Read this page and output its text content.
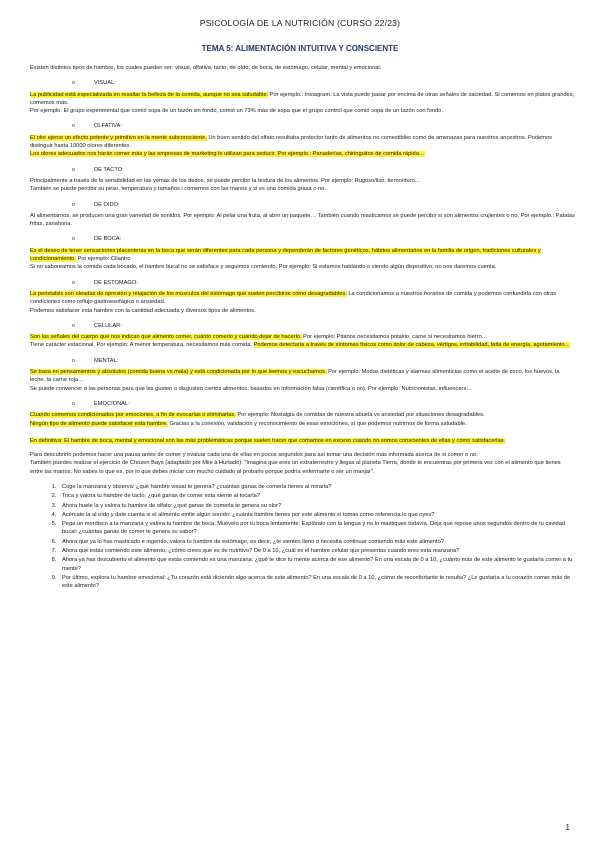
PSICOLOGÍA DE LA NUTRICIÓN (CURSO 22/23)
TEMA 5: ALIMENTACIÓN INTUITIVA Y CONSCIENTE

Existen distintos tipos de hambre, los cuales pueden ser: visual, olfativa, tacto, de oído, de boca, de estómago, celular, mental y emocional.

o	VISUAL:

La publicidad está especializada en resaltar la belleza de la comida, aunque no sea saludable. Por ejemplo.: Instagram. La vista puede pasar por encima de otras señales de saciedad. Si comemos en platos grandes, comemos más.

Por ejemplo: El grupo experimental que comió sopa de un tazón sin fondo, comió un 73% más de sopa que el grupo control que comió sopa de un tazón con fondo.

o	OLFATIVA:

El olor ejerce un efecto potente y primitivo en la mente subconsciente. Un buen sentido del olfato resultaba protector tanto de alimentos no comestibles como de amenazas para nuestros ancestros. Podemos distinguir hasta 10000 olores diferentes.

Los olores adecuados nos harán comer más y las empresas de marketing lo utilizan para seducir. Por ejemplo.: Panaderías, chiringuitos de comida rápida…

o	DE TACTO:

Principalmente a través de la sensibilidad en las yemas de los dedos, se puede percibir la textura de los alimentos. Por ejemplo: Rugoso/liso, tierno/duro…

También se puede percibir su peso, temperatura y tamaños i comemos con las manos y si es una comida grasa o no.

o	DE OIDO:

Al alimentarnos, se producen una gran variedad de sonidos. Por ejemplo: Al pelar una fruta, al abrir un paquete… También cuando masticamos se puede percibir si son alimentos crujientes o no. Por ejemplo.: Patatas fritas, zanahoria.

o	DE BOCA:

Es el deseo de tener sensaciones placenteras en la boca que serán diferentes para cada persona y dependerán de factores genéticos, hábitos alimentarios en la familia de origen, tradiciones culturales y condicionamiento. Por ejemplo: Cilantro

Si no saboreamos la comida cada bocado, el hambre bucal no se satisface y seguimos comiendo. Por ejemplo: Si estamos hablando o viendo algún dispositivo, no nos daremos cuenta.

o	DE ESTOMAGO:

La peristalsis son oleadas de opresión y relajación de los músculos del estómago que suelen percibirse como desagradables. La condicionamos a nuestros horarios de comida y podemos confundirla con otras condiciones como reflujo gastroesofágico o ansiedad.

Podemos satisfacer esta hambre con la cantidad adecuada y diversos tipos de alimentos.

o	CELULAR:

Son las señales del cuerpo que nos indican qué alimento comer, cuánto comerlo y cuándo dejar de hacerlo. Por ejemplo: Pitanos necesitamos potasio, carne si necesitamos hierro…

Tiene carácter estacional. Por ejemplo: A menor temperatura, necesitamos más comida. Podemos detectarla a través de síntomas físicos como dolor de cabeza, vértigos, irritabilidad, falta de energía, agotamiento…

o	MENTAL:

Se basa en pensamientos y absolutos (comida buena vs mala) y está condicionada por lo que leemos y escuchamos. Por ejemplo: Modas dietéticas y alarmas alimenticias como el aceite de coco, los huevos, la leche, la carne roja…

Se puede convencer a las personas para que les gusten o disgusten ciertos alimentos, basados en información falsa (científica o no). Por ejemplo: Nutricionistas, influencers…

o	EMOCIONAL:

Cuando comemos condicionados por emociones, a fin de evocarlas o eliminarlas. Por ejemplo: Nostalgia de comidas de nuestra abuela vs ansiedad por situaciones desagradables.

Ningún tipo de alimento puede satisfacer esta hambre. Gracias a la conexión, validación y reconocimiento de esas emociones, sí que podemos nutrirnos de forma saludable.

En definitiva: El hambre de boca, mental y emocional son las más problemáticas porque suelen hacer que comamos en exceso cuando no somos conscientes de ellas y cómo satisfacerlas.

Para descubrirlo podemos hacer una pausa antes de comer y evaluar cada una de ellas en pocos segundos para así tomar una decisión más informada acerca de si comer o no.

También puedes realizar el ejercicio de Chozen Bays (adaptado por Miie à Hurtado): "Imagina que eres un extraterrestre y llegas al planeta Tierra, donde te encuentras por primera vez con el alimento que tienes entre las manos. No sabes lo que es, por lo que debes iniciar con mucho cuidado al probarlo porque podría enfermarte o ser un manjar".

1. Coge la manzana y observa: ¿qué hambre visual te genera? ¿cuántas ganas de comerla tienes al mirarla?
2. Toca y valora tu hambre de tacto: ¿qué ganas de comer esta siente al tocarla?
3. Ahora huele la y valora tu hambre de olfato: ¿qué ganas de comerla te genera su olor?
4. Acércate la al oído y date cuenta si el alimento emite algún sonido: ¿cuánta hambre tienes por este alimento si tomas como referencia lo que oyes?
5. Pega un mordisco a la manzana y valora tu hambre de boca. Muévelo por tu boca lentamente. Explóralo con la lengua y no lo mastiques todavía. Deja que repose unos segundos dentro de tu cavidad bucal: ¿cuántas ganas de comer te genera su sabor?
6. Ahora que ya lo has masticado e ingerido, valora tu hambre de estómago, es decir, ¿te sientes lleno o necesita continuar comiendo más este alimento?
7. Ahora que estás comiendo este alimento, ¿cómo crees que es de nutritivo? De 0 a 10, ¿cuál es el hambre celular que presentas cuando eres esta manzana?
8. Ahora ya has descubierto el alimento que estás comiendo es una manzana: ¿qué te dice tu mente acerca de ese alimento? En una escala de 0 a 10, ¿cuánto más de este alimento le gustaría comer a tu mente?
9. Por último, explora tu hambre emocional: ¿Tu corazón está diciendo algo acerca de este alimento? En una escala de 0 a 10, ¿cómo de reconfortante te resulta? ¿Le gustaría a tu corazón comer más de este alimento?
1
